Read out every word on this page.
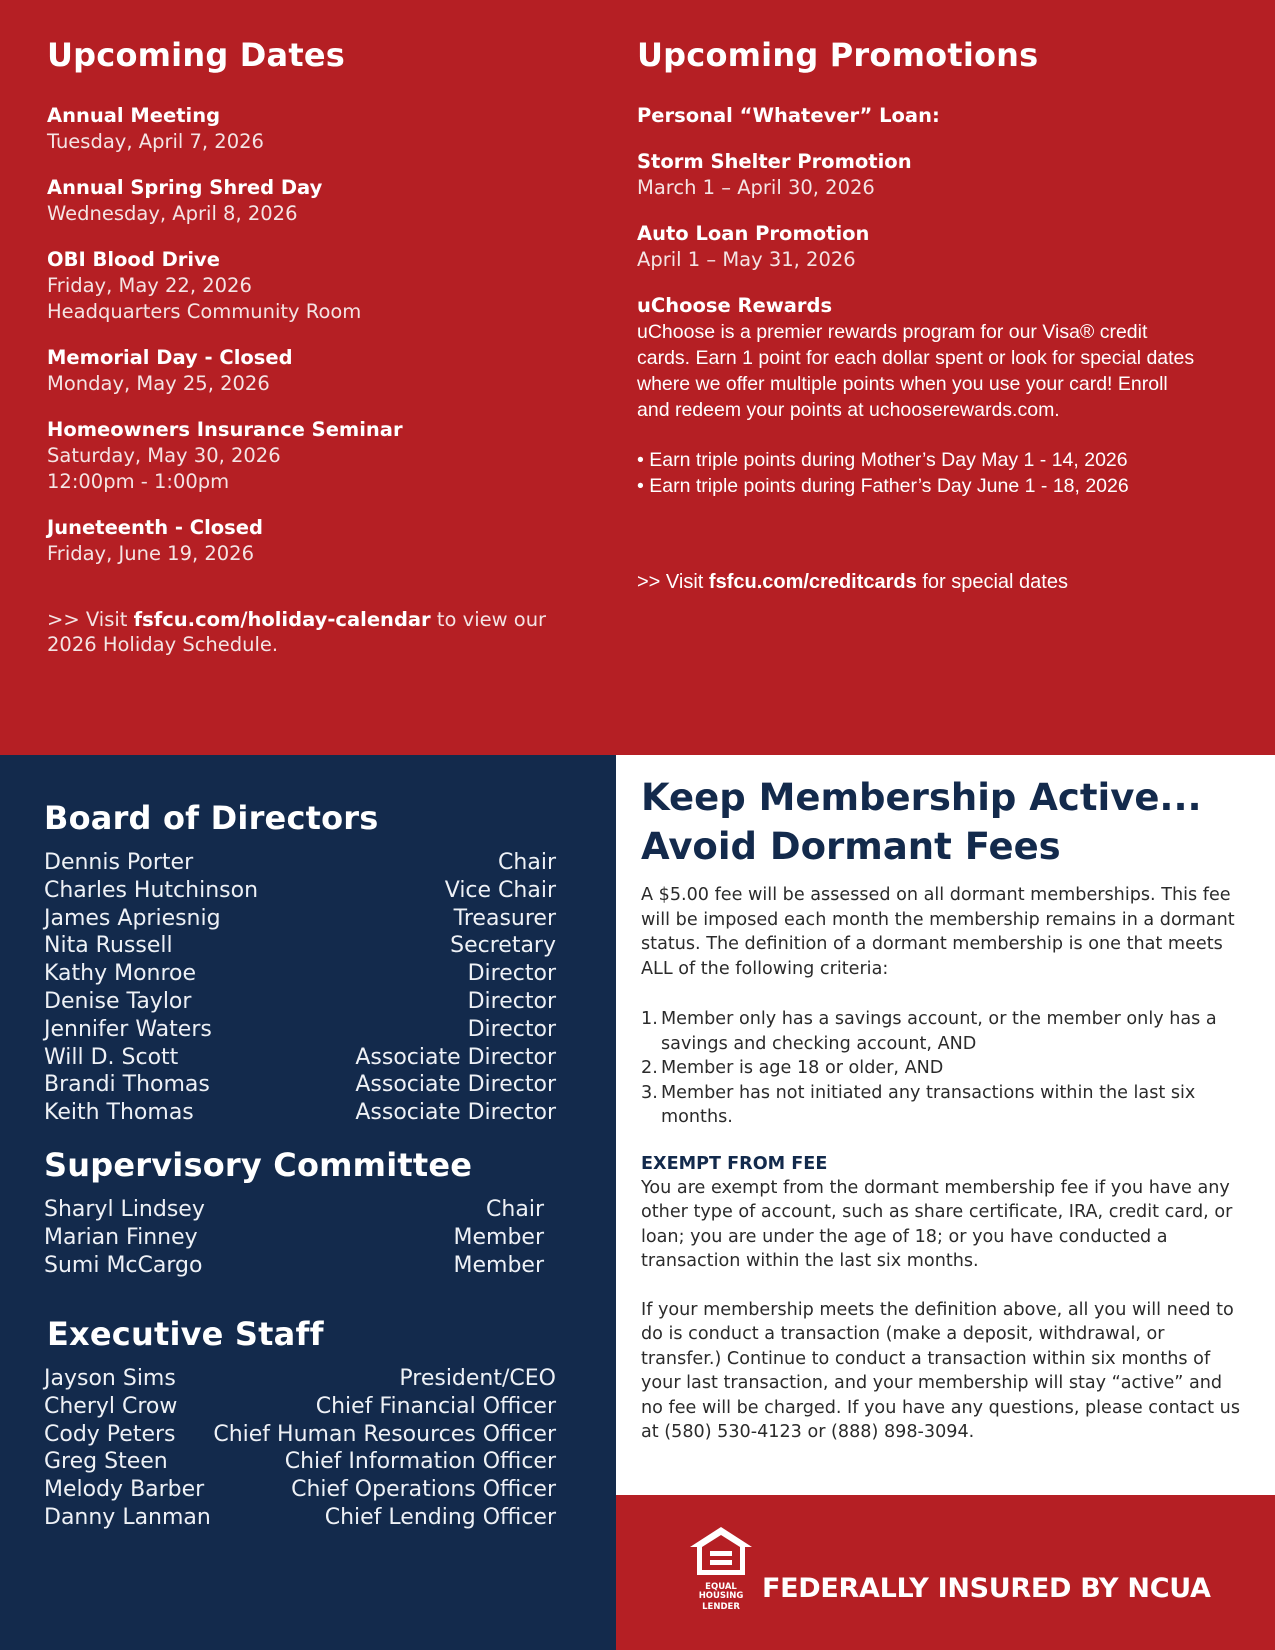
Upcoming Dates
Annual Meeting
Tuesday, April 7, 2026
Annual Spring Shred Day
Wednesday, April 8, 2026
OBI Blood Drive
Friday, May 22, 2026
Headquarters Community Room
Memorial Day - Closed
Monday, May 25, 2026
Homeowners Insurance Seminar
Saturday, May 30, 2026
12:00pm - 1:00pm
Juneteenth - Closed
Friday, June 19, 2026
>> Visit fsfcu.com/holiday-calendar to view our 2026 Holiday Schedule.
Upcoming Promotions
Personal “Whatever” Loan:
Storm Shelter Promotion
March 1 – April 30, 2026
Auto Loan Promotion
April 1 – May 31, 2026
uChoose Rewards
uChoose is a premier rewards program for our Visa® credit cards. Earn 1 point for each dollar spent or look for special dates where we offer multiple points when you use your card! Enroll and redeem your points at uchooserewards.com.
• Earn triple points during Mother’s Day May 1 - 14, 2026
• Earn triple points during Father’s Day June 1 - 18, 2026
>> Visit fsfcu.com/creditcards for special dates
Board of Directors
Dennis Porter	Chair
Charles Hutchinson	Vice Chair
James Apriesnig	Treasurer
Nita Russell	Secretary
Kathy Monroe	Director
Denise Taylor	Director
Jennifer Waters	Director
Will D. Scott	Associate Director
Brandi Thomas	Associate Director
Keith Thomas	Associate Director
Supervisory Committee
Sharyl Lindsey	Chair
Marian Finney	Member
Sumi McCargo	Member
Executive Staff
Jayson Sims	President/CEO
Cheryl Crow	Chief Financial Officer
Cody Peters Chief Human Resources Officer
Greg Steen	Chief Information Officer
Melody Barber	Chief Operations Officer
Danny Lanman	Chief Lending Officer
Keep Membership Active...
Avoid Dormant Fees

A $5.00 fee will be assessed on all dormant memberships. This fee will be imposed each month the membership remains in a dormant status. The definition of a dormant membership is one that meets ALL of the following criteria:

1. Member only has a savings account, or the member only has a savings and checking account, AND
2. Member is age 18 or older, AND
3. Member has not initiated any transactions within the last six months.
EXEMPT FROM FEE

You are exempt from the dormant membership fee if you have any other type of account, such as share certificate, IRA, credit card, or loan; you are under the age of 18; or you have conducted a transaction within the last six months.

If your membership meets the definition above, all you will need to do is conduct a transaction (make a deposit, withdrawal, or transfer.) Continue to conduct a transaction within six months of your last transaction, and your membership will stay “active” and no fee will be charged. If you have any questions, please contact us at (580) 530-4123 or (888) 898-3094.

EQUAL HOUSING
LENDER
FEDERALLY INSURED BY NCUA
